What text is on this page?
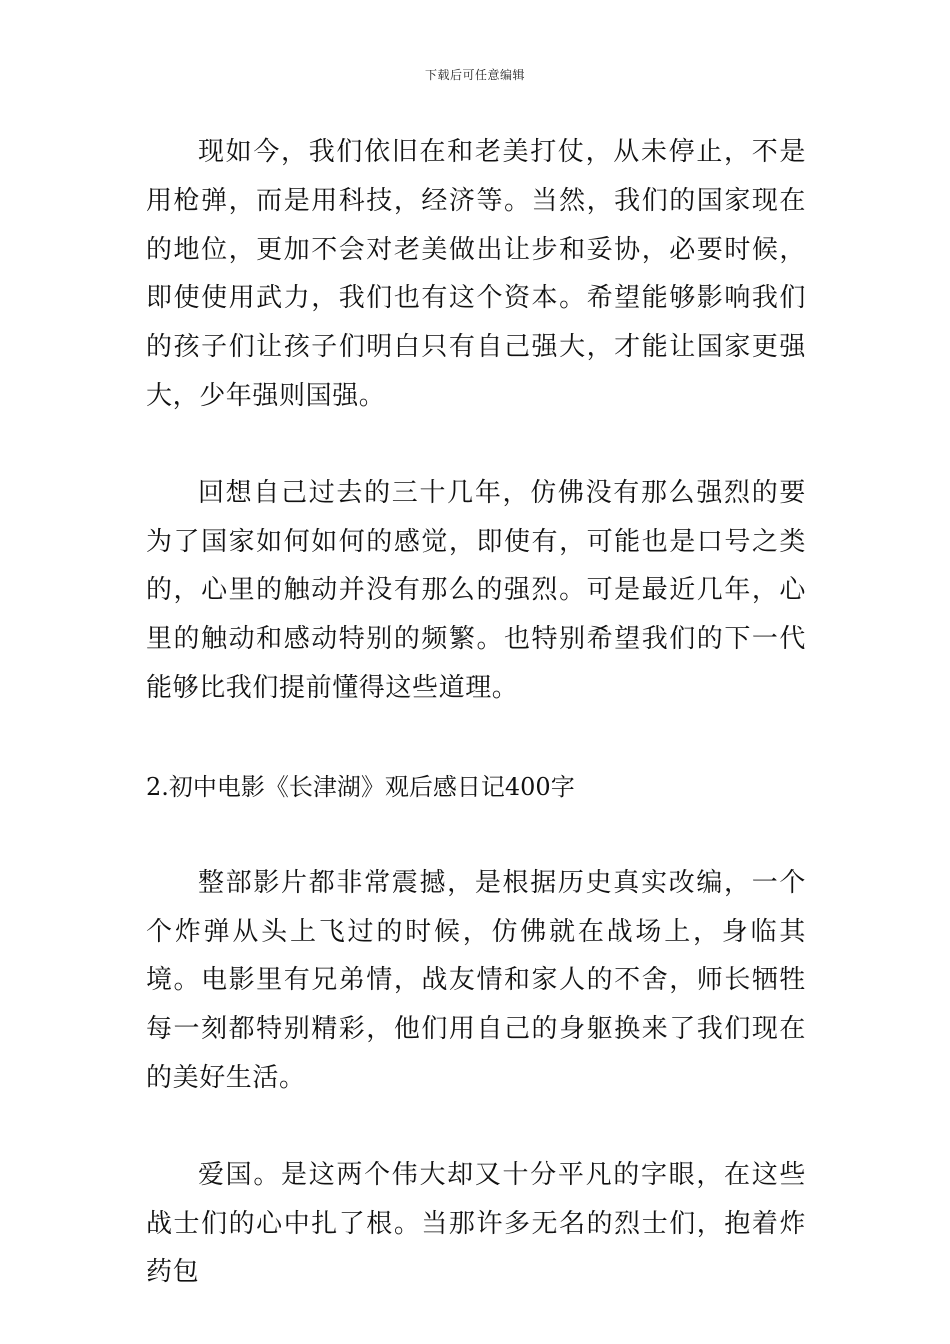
下载后可任意编辑

现如今，我们依旧在和老美打仗，从未停止，不是用枪弹，而是用科技，经济等。当然，我们的国家现在的地位，更加不会对老美做出让步和妥协，必要时候，即使使用武力，我们也有这个资本。希望能够影响我们的孩子们让孩子们明白只有自己强大，才能让国家更强大，少年强则国强。

回想自己过去的三十几年，仿佛没有那么强烈的要为了国家如何如何的感觉，即使有，可能也是口号之类的，心里的触动并没有那么的强烈。可是最近几年，心里的触动和感动特别的频繁。也特别希望我们的下一代能够比我们提前懂得这些道理。

2.初中电影《长津湖》观后感日记400字

整部影片都非常震撼，是根据历史真实改编，一个个炸弹从头上飞过的时候，仿佛就在战场上，身临其境。电影里有兄弟情，战友情和家人的不舍，师长牺牲每一刻都特别精彩，他们用自己的身躯换来了我们现在的美好生活。

爱国。是这两个伟大却又十分平凡的字眼，在这些战士们的心中扎了根。当那许多无名的烈士们，抱着炸药包
